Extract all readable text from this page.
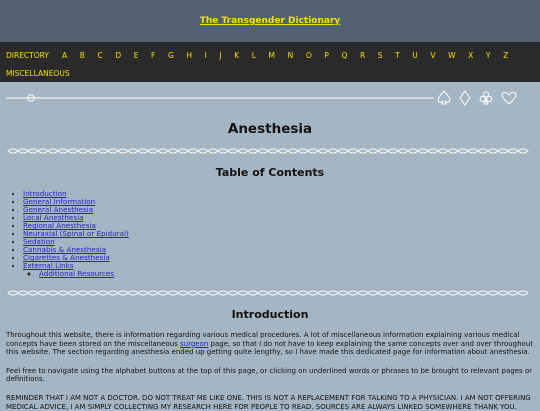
The Transgender Dictionary
DIRECTORY A B C D E F G H I J K L M N O P Q R S T U V W X Y Z
MISCELLANEOUS
Anesthesia
Table of Contents
• Introduction
• General Information
• General Anesthesia
• Local Anesthesia
• Regional Anesthesia
• Neuraxial (Spinal or Epidural)
• Sedation
• Cannabis & Anesthesia
• Cigarettes & Anesthesia
• External Links
◦ Additional Resources
Introduction

Throughout this website, there is information regarding various medical procedures. A lot of miscellaneous information explaining various medical concepts have been stored on the miscellaneous surgeon page, so that I do not have to keep explaining the same concepts over and over throughout this website. The section regarding anesthesia ended up getting quite lengthy, so I have made this dedicated page for information about anesthesia.

Feel free to navigate using the alphabet buttons at the top of this page, or clicking on underlined words or phrases to be brought to relevant pages or definitions.

REMINDER THAT I AM NOT A DOCTOR. DO NOT TREAT ME LIKE ONE. THIS IS NOT A REPLACEMENT FOR TALKING TO A PHYSICIAN. I AM NOT OFFERING MEDICAL ADVICE, I AM SIMPLY COLLECTING MY RESEARCH HERE FOR PEOPLE TO READ. SOURCES ARE ALWAYS LINKED SOMEWHERE THANK YOU.
